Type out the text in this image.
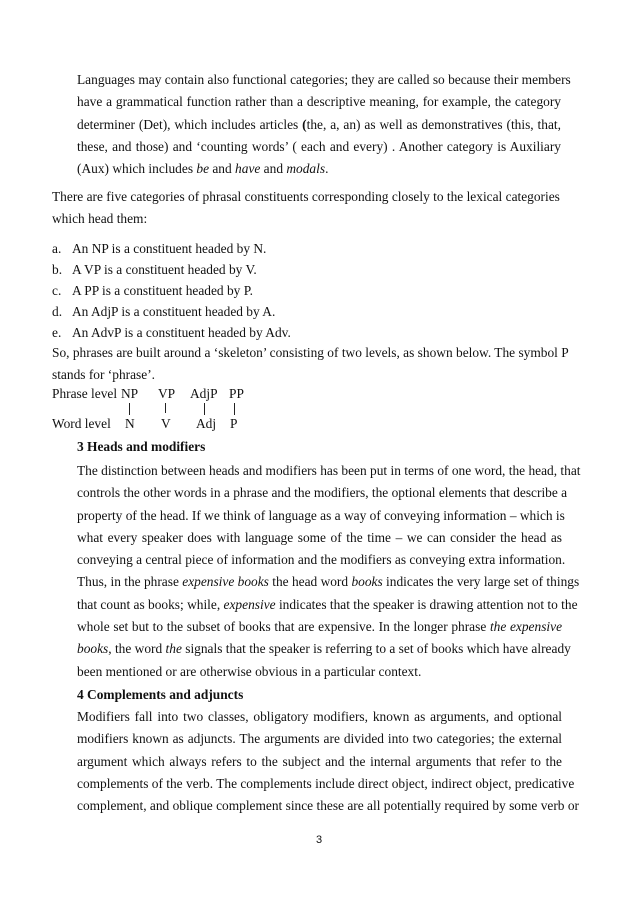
Languages may contain also functional categories; they are called so because their members
have a grammatical function rather than a descriptive meaning, for example, the category
determiner (Det), which includes articles (the, a, an) as well as demonstratives (this, that,
these, and those) and ‘counting words’ ( each and every) . Another category is Auxiliary
(Aux) which includes be and have and modals.
There are five categories of phrasal constituents corresponding closely to the lexical categories
which head them:
a. An NP is a constituent headed by N.
b. A VP is a constituent headed by V.
c. A PP is a constituent headed by P.
d. An AdjP is a constituent headed by A.
e. An AdvP is a constituent headed by Adv.
So, phrases are built around a ‘skeleton’ consisting of two levels, as shown below. The symbol P
stands for ‘phrase’.
Phrase level NP VP AdjP PP
Word level N V Adj P
3 Heads and modifiers
The distinction between heads and modifiers has been put in terms of one word, the head, that
controls the other words in a phrase and the modifiers, the optional elements that describe a
property of the head. If we think of language as a way of conveying information – which is
what every speaker does with language some of the time – we can consider the head as
conveying a central piece of information and the modifiers as conveying extra information.
Thus, in the phrase expensive books the head word books indicates the very large set of things
that count as books; while, expensive indicates that the speaker is drawing attention not to the
whole set but to the subset of books that are expensive. In the longer phrase the expensive
books, the word the signals that the speaker is referring to a set of books which have already
been mentioned or are otherwise obvious in a particular context.
4 Complements and adjuncts
Modifiers fall into two classes, obligatory modifiers, known as arguments, and optional
modifiers known as adjuncts. The arguments are divided into two categories; the external
argument which always refers to the subject and the internal arguments that refer to the
complements of the verb. The complements include direct object, indirect object, predicative
complement, and oblique complement since these are all potentially required by some verb or
3
